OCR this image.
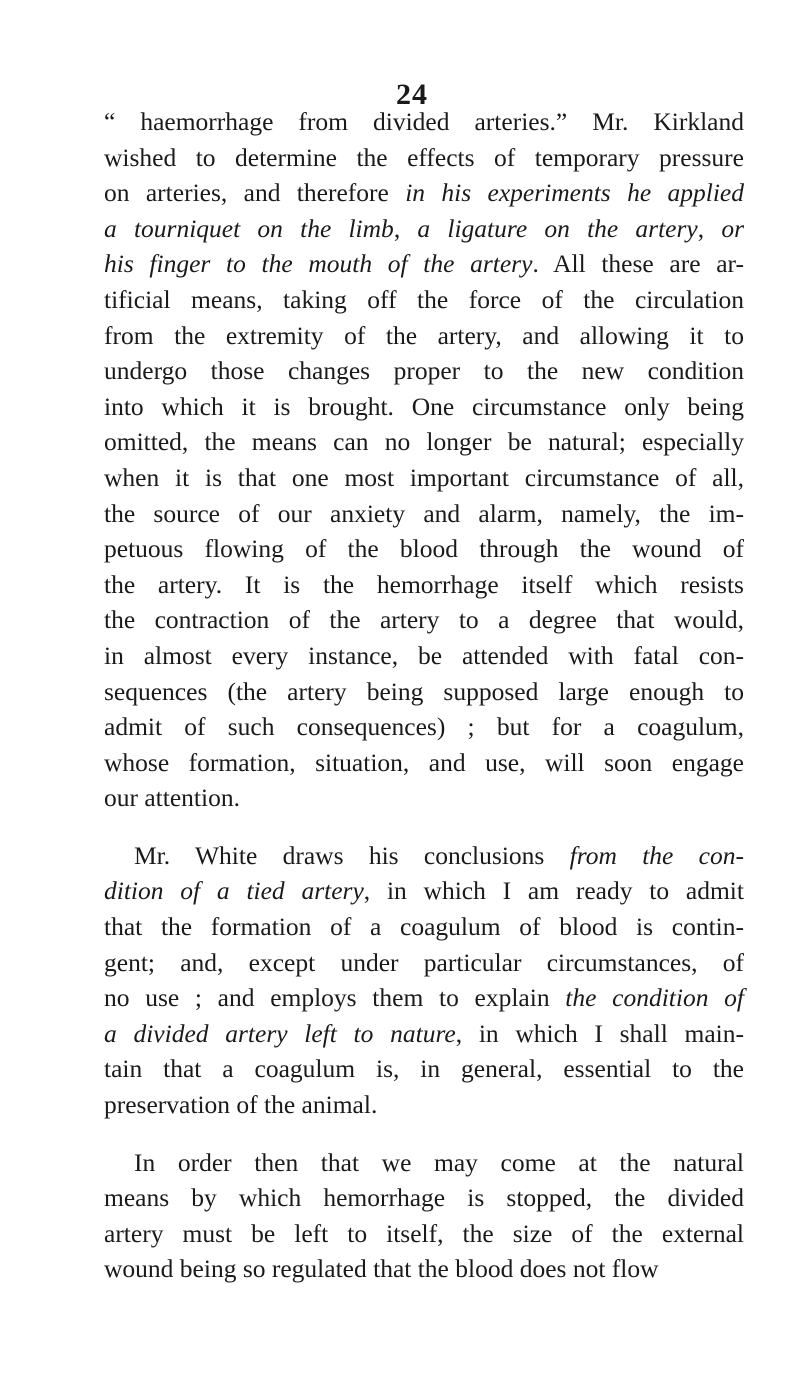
24
“ haemorrhage from divided arteries.” Mr. Kirkland
wished to determine the effects of temporary pressure
on arteries, and therefore in his experiments he applied
a tourniquet on the limb, a ligature on the artery, or
his finger to the mouth of the artery. All these are ar-
tificial means, taking off the force of the circulation
from the extremity of the artery, and allowing it to
undergo those changes proper to the new condition
into which it is brought. One circumstance only being
omitted, the means can no longer be natural; especially
when it is that one most important circumstance of all,
the source of our anxiety and alarm, namely, the im-
petuous flowing of the blood through the wound of
the artery. It is the hemorrhage itself which resists
the contraction of the artery to a degree that would,
in almost every instance, be attended with fatal con-
sequences (the artery being supposed large enough to
admit of such consequences) ; but for a coagulum,
whose formation, situation, and use, will soon engage
our attention.
Mr. White draws his conclusions from the con-
dition of a tied artery, in which I am ready to admit
that the formation of a coagulum of blood is contin-
gent; and, except under particular circumstances, of
no use ; and employs them to explain the condition of
a divided artery left to nature, in which I shall main-
tain that a coagulum is, in general, essential to the
preservation of the animal.
In order then that we may come at the natural
means by which hemorrhage is stopped, the divided
artery must be left to itself, the size of the external
wound being so regulated that the blood does not flow
